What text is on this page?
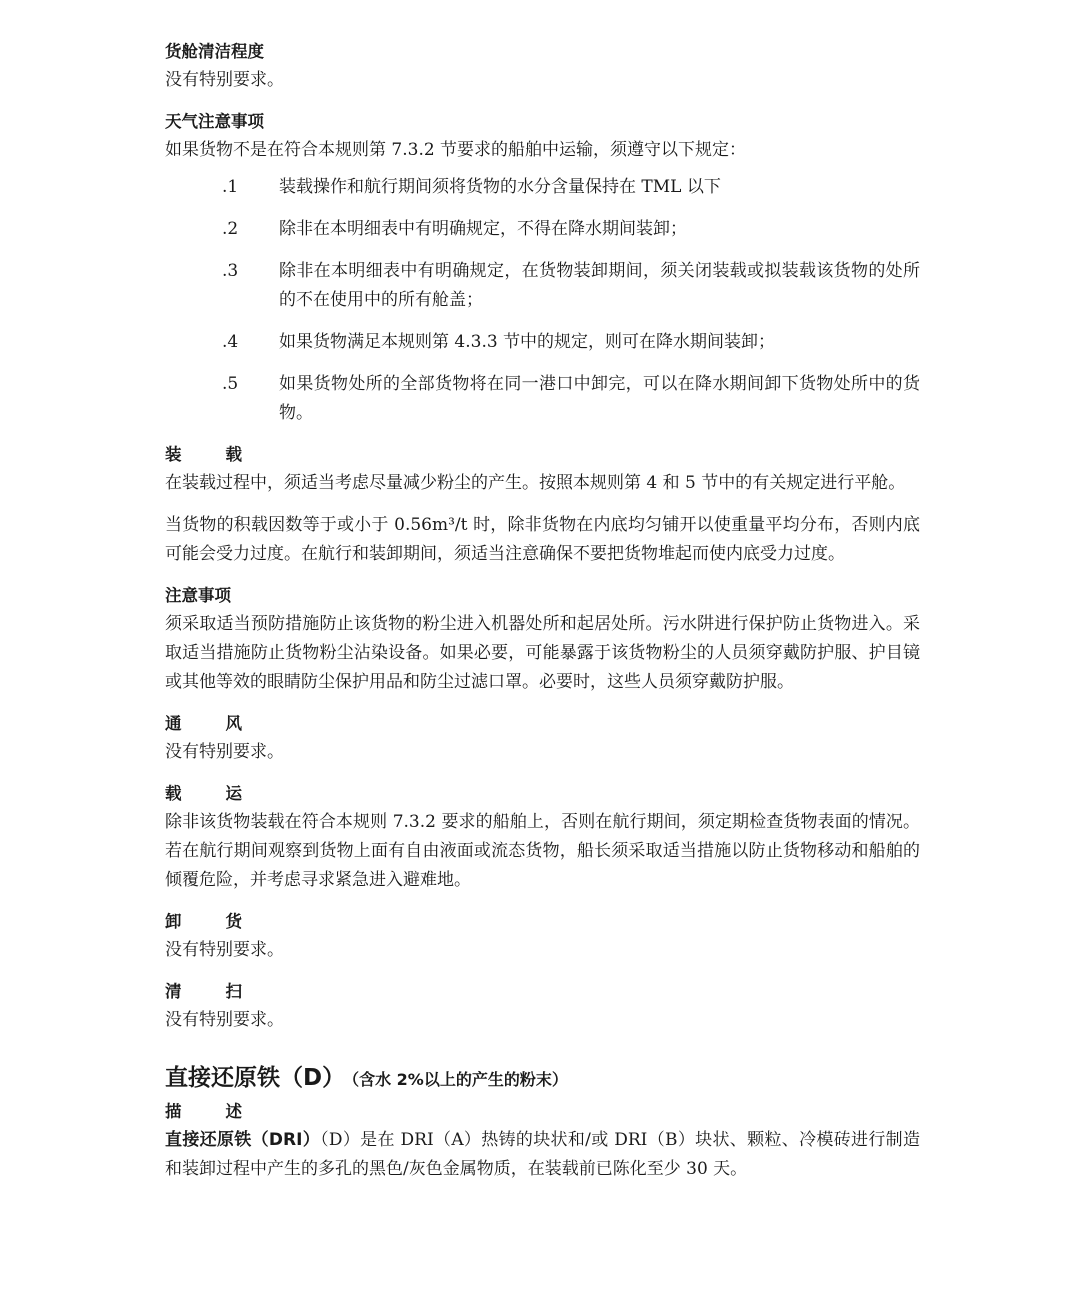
货舱清洁程度

没有特别要求。

天气注意事项

如果货物不是在符合本规则第 7.3.2 节要求的船舶中运输，须遵守以下规定：

.1	装载操作和航行期间须将货物的水分含量保持在 TML 以下
.2	除非在本明细表中有明确规定，不得在降水期间装卸；
.3	除非在本明细表中有明确规定，在货物装卸期间，须关闭装载或拟装载该货物的处所的不在使用中的所有舱盖；
.4	如果货物满足本规则第 4.3.3 节中的规定，则可在降水期间装卸；
.5	如果货物处所的全部货物将在同一港口中卸完，可以在降水期间卸下货物处所中的货物。

装	载

在装载过程中，须适当考虑尽量减少粉尘的产生。按照本规则第 4 和 5 节中的有关规定进行平舱。

当货物的积载因数等于或小于 0.56m³/t 时，除非货物在内底均匀铺开以使重量平均分布，否则内底可能会受力过度。在航行和装卸期间，须适当注意确保不要把货物堆起而使内底受力过度。

注意事项

须采取适当预防措施防止该货物的粉尘进入机器处所和起居处所。污水阱进行保护防止货物进入。采取适当措施防止货物粉尘沾染设备。如果必要，可能暴露于该货物粉尘的人员须穿戴防护服、护目镜或其他等效的眼睛防尘保护用品和防尘过滤口罩。必要时，这些人员须穿戴防护服。

通	风

没有特别要求。

载	运

除非该货物装载在符合本规则 7.3.2 要求的船舶上，否则在航行期间，须定期检查货物表面的情况。若在航行期间观察到货物上面有自由液面或流态货物，船长须采取适当措施以防止货物移动和船舶的倾覆危险，并考虑寻求紧急进入避难地。

卸	货

没有特别要求。

清	扫

没有特别要求。

直接还原铁（D） （含水 2%以上的产生的粉末）

描	述

直接还原铁（DRI）（D）是在 DRI（A）热铸的块状和/或 DRI（B）块状、颗粒、冷模砖进行制造和装卸过程中产生的多孔的黑色/灰色金属物质，在装载前已陈化至少 30 天。
